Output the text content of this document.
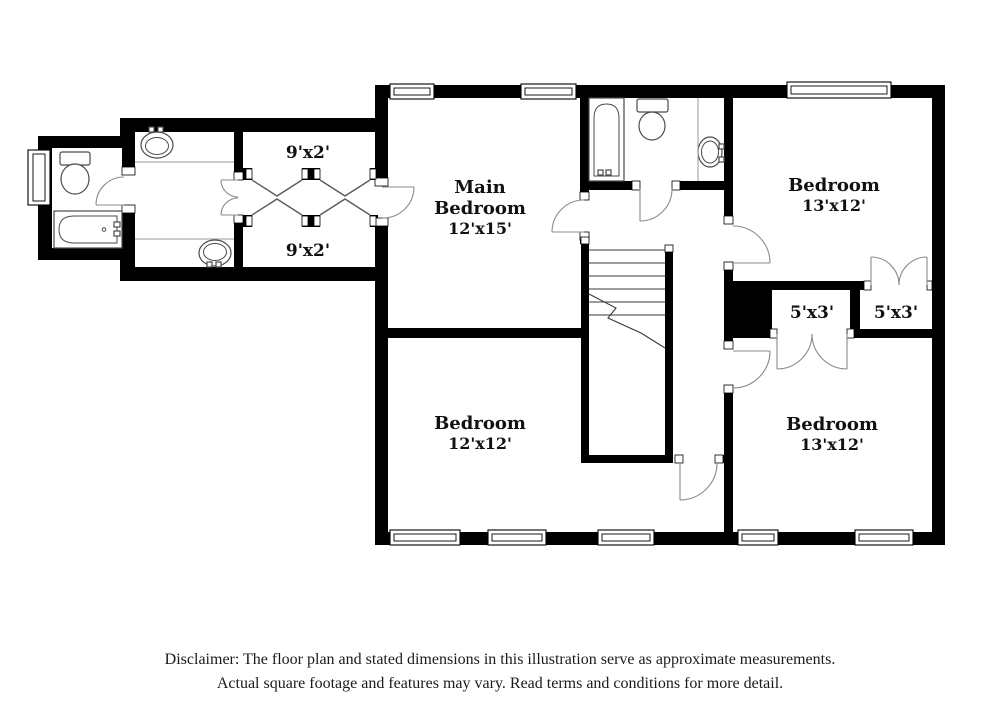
Main
Bedroom
12'x15'
Bedroom
13'x12'
Bedroom
12'x12'
Bedroom
13'x12'
9'x2'
9'x2'
5'x3' 5'x3'
Disclaimer: The floor plan and stated dimensions in this illustration serve as approximate measurements.
Actual square footage and features may vary. Read terms and conditions for more detail.
